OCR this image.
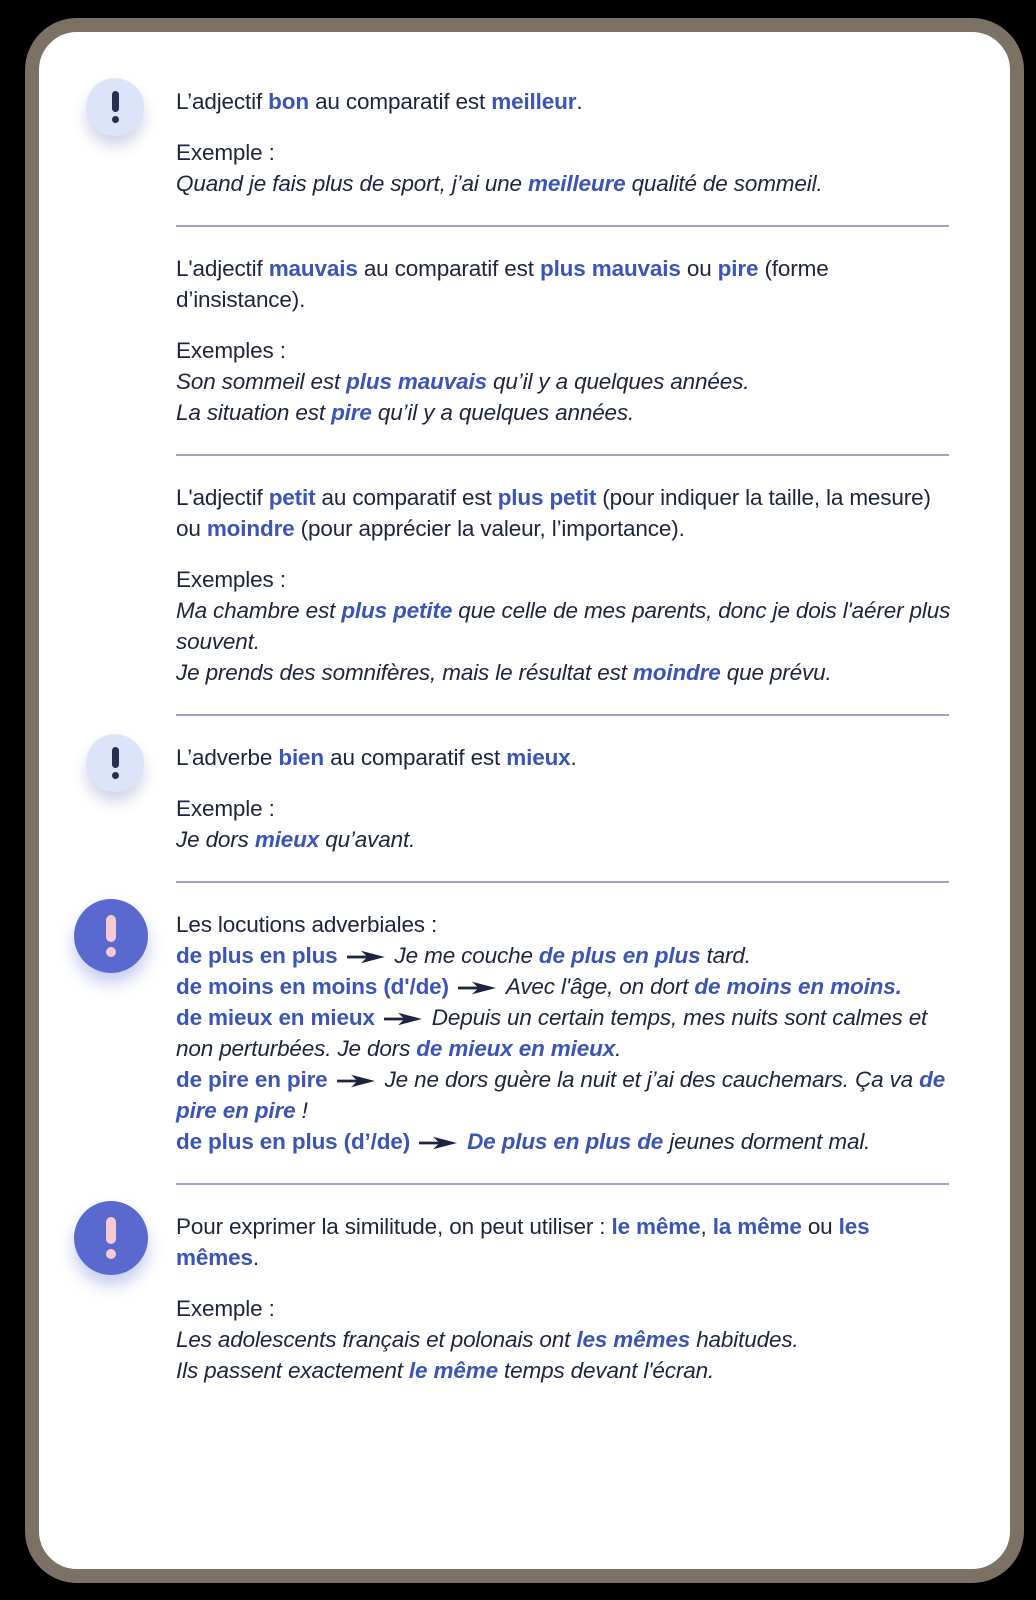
L’adjectif bon au comparatif est meilleur.

Exemple :

Quand je fais plus de sport, j’ai une meilleure qualité de sommeil.

L'adjectif mauvais au comparatif est plus mauvais ou pire (forme d’insistance).

Exemples :

Son sommeil est plus mauvais qu’il y a quelques années.

La situation est pire qu’il y a quelques années.

L'adjectif petit au comparatif est plus petit (pour indiquer la taille, la mesure) ou moindre (pour apprécier la valeur, l’importance).

Exemples :

Ma chambre est plus petite que celle de mes parents, donc je dois l'aérer plus souvent.

Je prends des somnifères, mais le résultat est moindre que prévu.

L’adverbe bien au comparatif est mieux.

Exemple :

Je dors mieux qu’avant.

Les locutions adverbiales :

de plus en plus	Je me couche de plus en plus tard.

de moins en moins (d'/de)	Avec l'âge, on dort de moins en moins.

de mieux en mieux	Depuis un certain temps, mes nuits sont calmes et non perturbées. Je dors de mieux en mieux.

de pire en pire	Je ne dors guère la nuit et j’ai des cauchemars. Ça va de pire en pire !

de plus en plus (d’/de)	De plus en plus de jeunes dorment mal.

Pour exprimer la similitude, on peut utiliser : le même, la même ou les mêmes.

Exemple :

Les adolescents français et polonais ont les mêmes habitudes.

Ils passent exactement le même temps devant l'écran.
